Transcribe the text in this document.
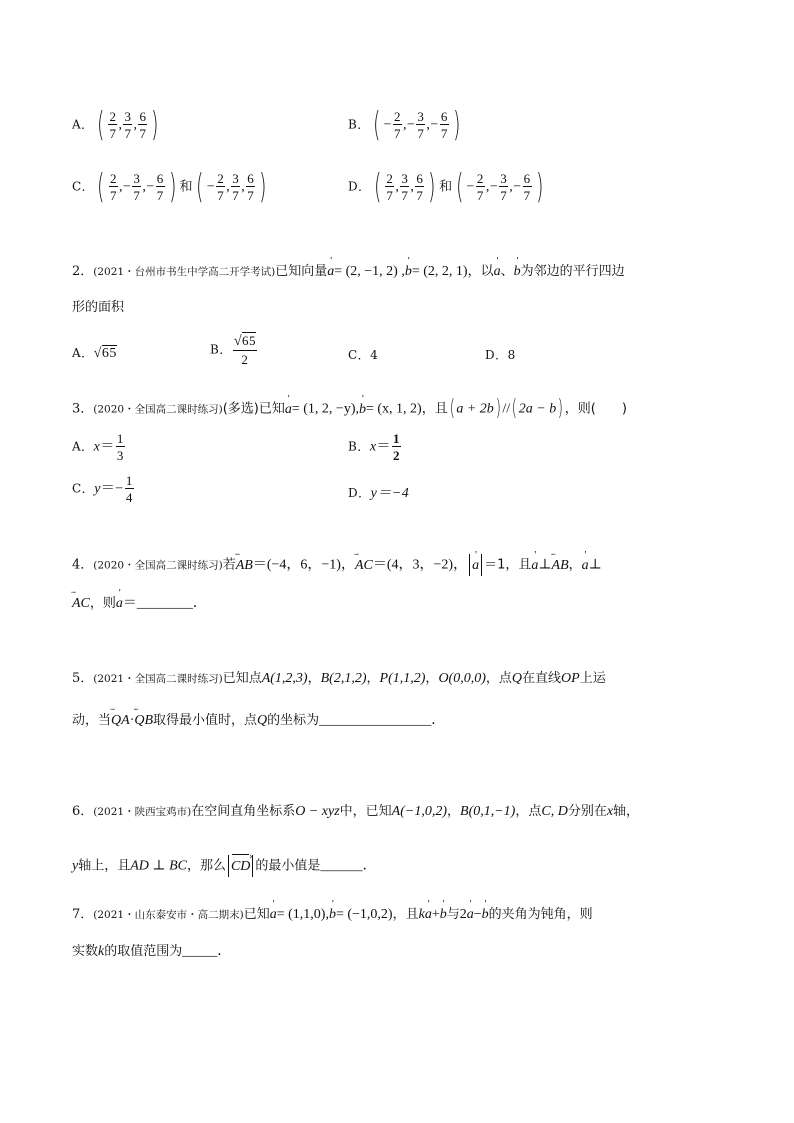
A．( $\frac{2}{7}$ , $\frac{3}{7}$ , $\frac{6}{7}$ )	B．( − $\frac{2}{7}$ ,− $\frac{3}{7}$ ,− $\frac{6}{7}$ )
C．( $\frac{2}{7}$ ,− $\frac{3}{7}$ ,− $\frac{6}{7}$ ) 和( − $\frac{2}{7}$ , $\frac{3}{7}$ , $\frac{6}{7}$ )	D．( $\frac{2}{7}$ , $\frac{3}{7}$ , $\frac{6}{7}$ ) 和( − $\frac{2}{7}$ ,− $\frac{3}{7}$ ,− $\frac{6}{7}$ )
2．(2021・台州市书生中学高二开学考试)已知向量' a= (2, −1, 2) ,' b= (2, 2, 1)，以' a、' b为邻边的平行四边
形的面积
A．√65	B． $\frac{√65}{2}$	C．4	D．8
3．(2020・全国高二课时练习)(多选)已知' a= (1, 2, −y),' b= (x, 1, 2)，且( a + 2b) //( 2a − b) ，则(　　)
A．$x= \frac{1}{3}$	B．$x= \frac{1}{2}$
C．$y=- \frac{1}{4}$	D．y＝−4
4．(2020・全国高二课时练习)若ᵕᵕᵕ AB＝(−4，6，−1)，ᵕᵕᵕ AC＝(4，3，−2)，' a ＝1，且' a⊥ᵕᵕᵕ AB，' a⊥
ᵕᵕᵕ AC，则' a＝________．
5．(2021・全国高二课时练习)已知点A(1,2,3)，B(2,1,2)，P(1,1,2)，O(0,0,0)，点Q在直线OP上运
动，当ᵕᵕᵕ QA·ᵕᵕᵕ QB取得最小值时，点Q的坐标为________________．
6．(2021・陕西宝鸡市)在空间直角坐标系O − xyz中，已知A(−1,0,2)，B(0,1,−1)，点C, D分别在x轴，
y轴上，且AD ⊥ BC，那么 CD › 的最小值是______．
7．(2021・山东泰安市・高二期末)已知' a= (1,1,0),' b= (−1,0,2)，且k' a+' b与2' a−' b的夹角为钝角，则
实数k的取值范围为_____．
